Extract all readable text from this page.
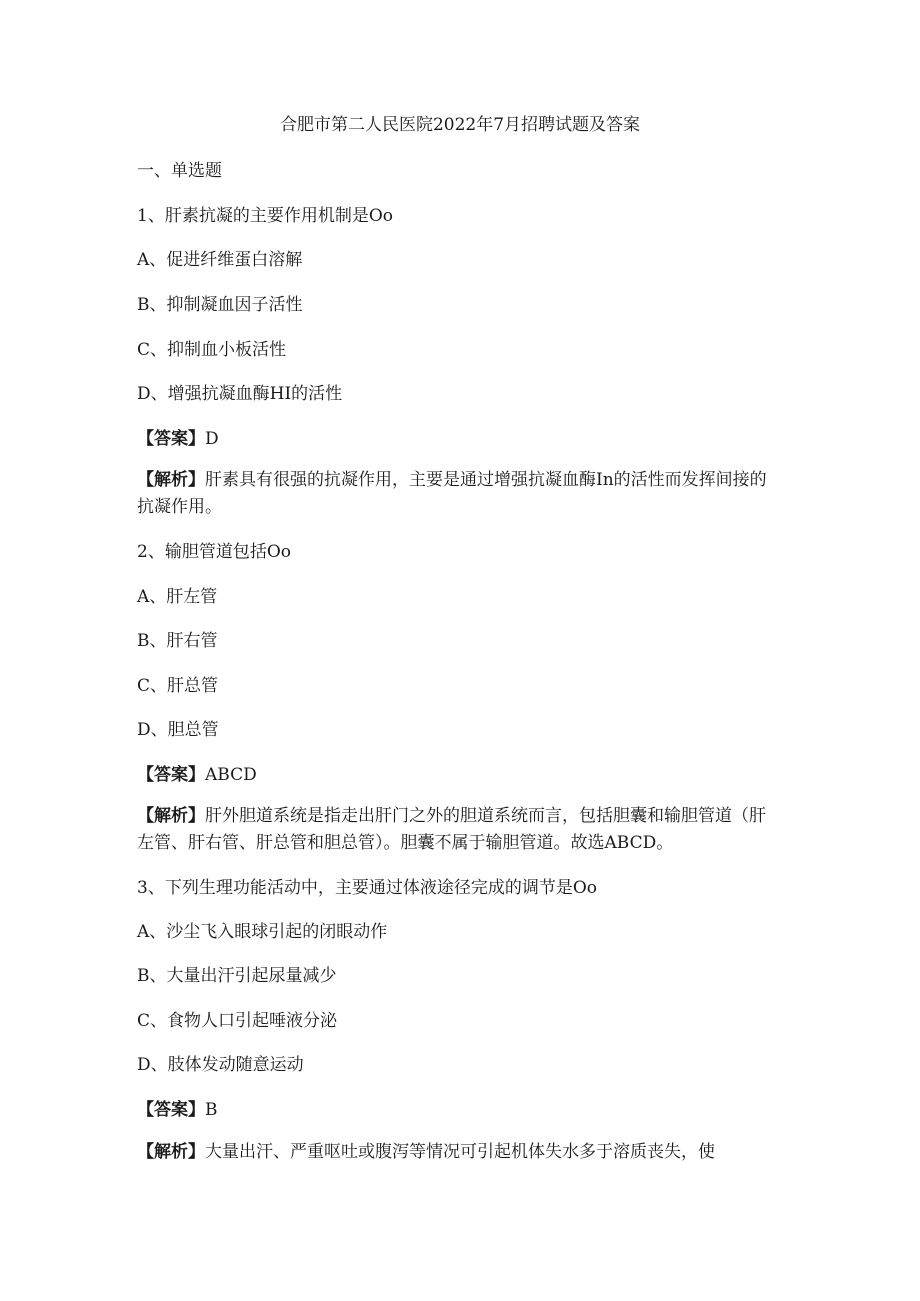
合肥市第二人民医院2022年7月招聘试题及答案
一、单选题
1、肝素抗凝的主要作用机制是Oo
A、促进纤维蛋白溶解
B、抑制凝血因子活性
C、抑制血小板活性
D、增强抗凝血酶HI的活性
【答案】D
【解析】肝素具有很强的抗凝作用，主要是通过增强抗凝血酶In的活性而发挥间接的抗凝作用。
2、输胆管道包括Oo
A、肝左管
B、肝右管
C、肝总管
D、胆总管
【答案】ABCD
【解析】肝外胆道系统是指走出肝门之外的胆道系统而言，包括胆囊和输胆管道（肝左管、肝右管、肝总管和胆总管）。胆囊不属于输胆管道。故选ABCD。
3、下列生理功能活动中，主要通过体液途径完成的调节是Oo
A、沙尘飞入眼球引起的闭眼动作
B、大量出汗引起尿量减少
C、食物人口引起唾液分泌
D、肢体发动随意运动
【答案】B
【解析】大量出汗、严重呕吐或腹泻等情况可引起机体失水多于溶质丧失，使
